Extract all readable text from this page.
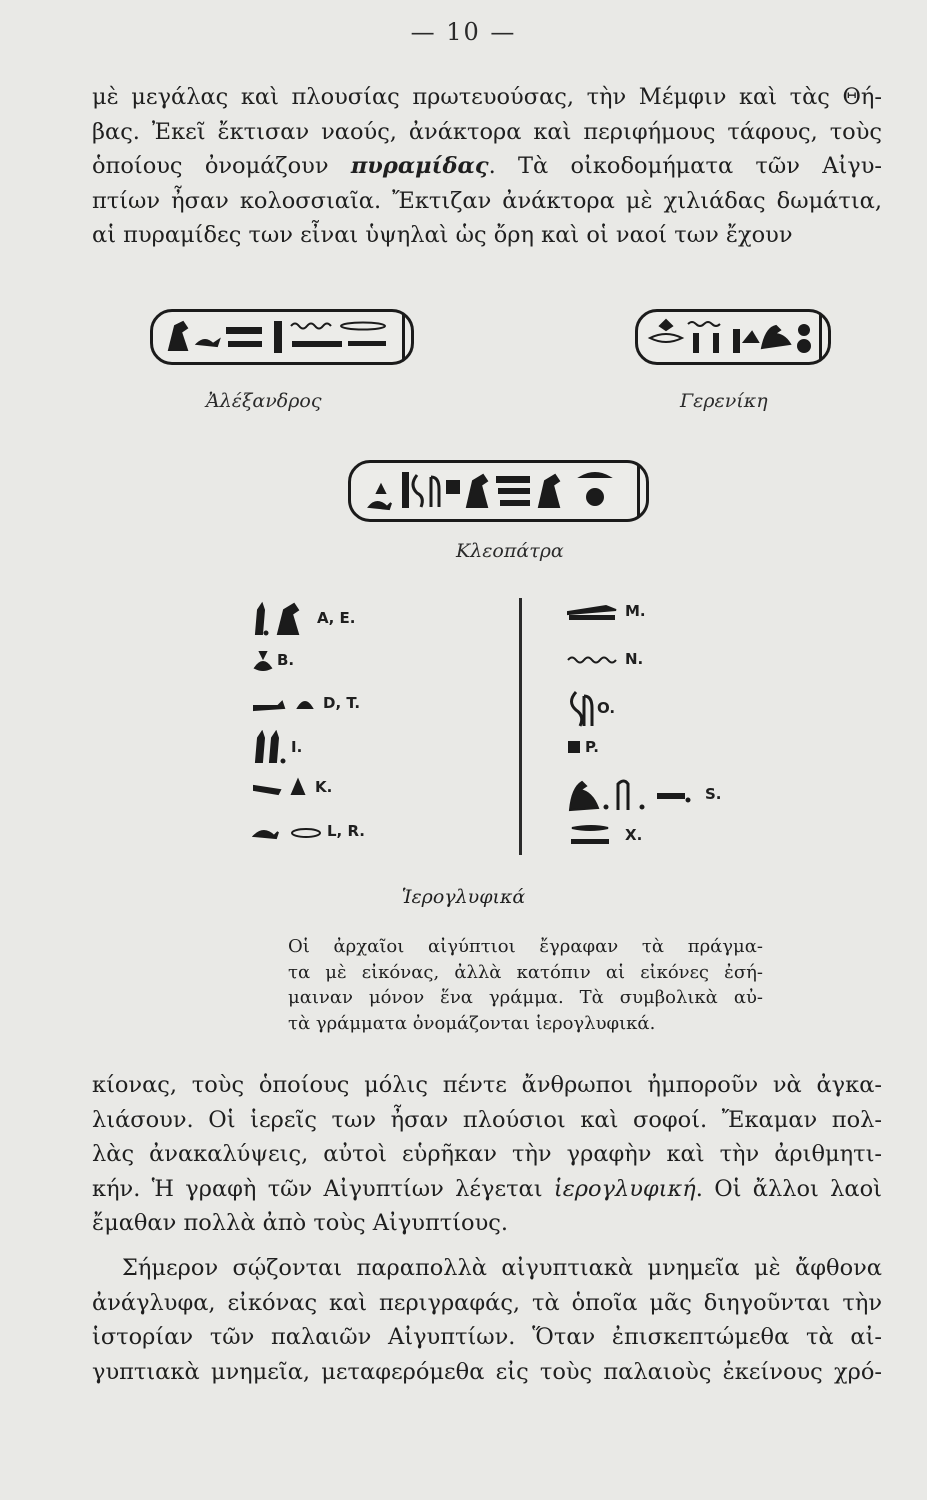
— 10 —
μὲ μεγάλας καὶ πλουσίας πρωτευούσας, τὴν Μέμφιν καὶ τὰς Θή-
βας. Ἐκεῖ ἔκτισαν ναούς, ἀνάκτορα καὶ περιφήμους τάφους, τοὺς
ὁποίους ὀνομάζουν πυραμίδας. Τὰ οἰκοδομήματα τῶν Αἰγυ-
πτίων ἦσαν κολοσσιαῖα. Ἔκτιζαν ἀνάκτορα μὲ χιλιάδας δωμάτια,
αἱ πυραμίδες των εἶναι ὑψηλαὶ ὡς ὄρη καὶ οἱ ναοί των ἔχουν
Ἀλέξανδρος	Γερενίκη
Κλεοπάτρα
Α, Ε.
Β.
D, T.
I.
K.
L, R.
M.
N.
O.
P.
S.
X.
Ἱερογλυφικά
Οἱ ἀρχαῖοι αἰγύπτιοι ἔγραφαν τὰ πράγμα-
τα μὲ εἰκόνας, ἀλλὰ κατόπιν αἱ εἰκόνες ἐσή-
μαιναν μόνον ἕνα γράμμα. Τὰ συμβολικὰ αὐ-
τὰ γράμματα ὀνομάζονται ἱερογλυφικά.
κίονας, τοὺς ὁποίους μόλις πέντε ἄνθρωποι ἠμποροῦν νὰ ἀγκα-
λιάσουν. Οἱ ἱερεῖς των ἦσαν πλούσιοι καὶ σοφοί. Ἔκαμαν πολ-
λὰς ἀνακαλύψεις, αὐτοὶ εὑρῆκαν τὴν γραφὴν καὶ τὴν ἀριθμητι-
κήν. Ἡ γραφὴ τῶν Αἰγυπτίων λέγεται ἱερογλυφική. Οἱ ἄλλοι λαοὶ
ἔμαθαν πολλὰ ἀπὸ τοὺς Αἰγυπτίους.
Σήμερον σῴζονται παραπολλὰ αἰγυπτιακὰ μνημεῖα μὲ ἄφθονα
ἀνάγλυφα, εἰκόνας καὶ περιγραφάς, τὰ ὁποῖα μᾶς διηγοῦνται τὴν
ἱστορίαν τῶν παλαιῶν Αἰγυπτίων. Ὅταν ἐπισκεπτώμεθα τὰ αἰ-
γυπτιακὰ μνημεῖα, μεταφερόμεθα εἰς τοὺς παλαιοὺς ἐκείνους χρό-
